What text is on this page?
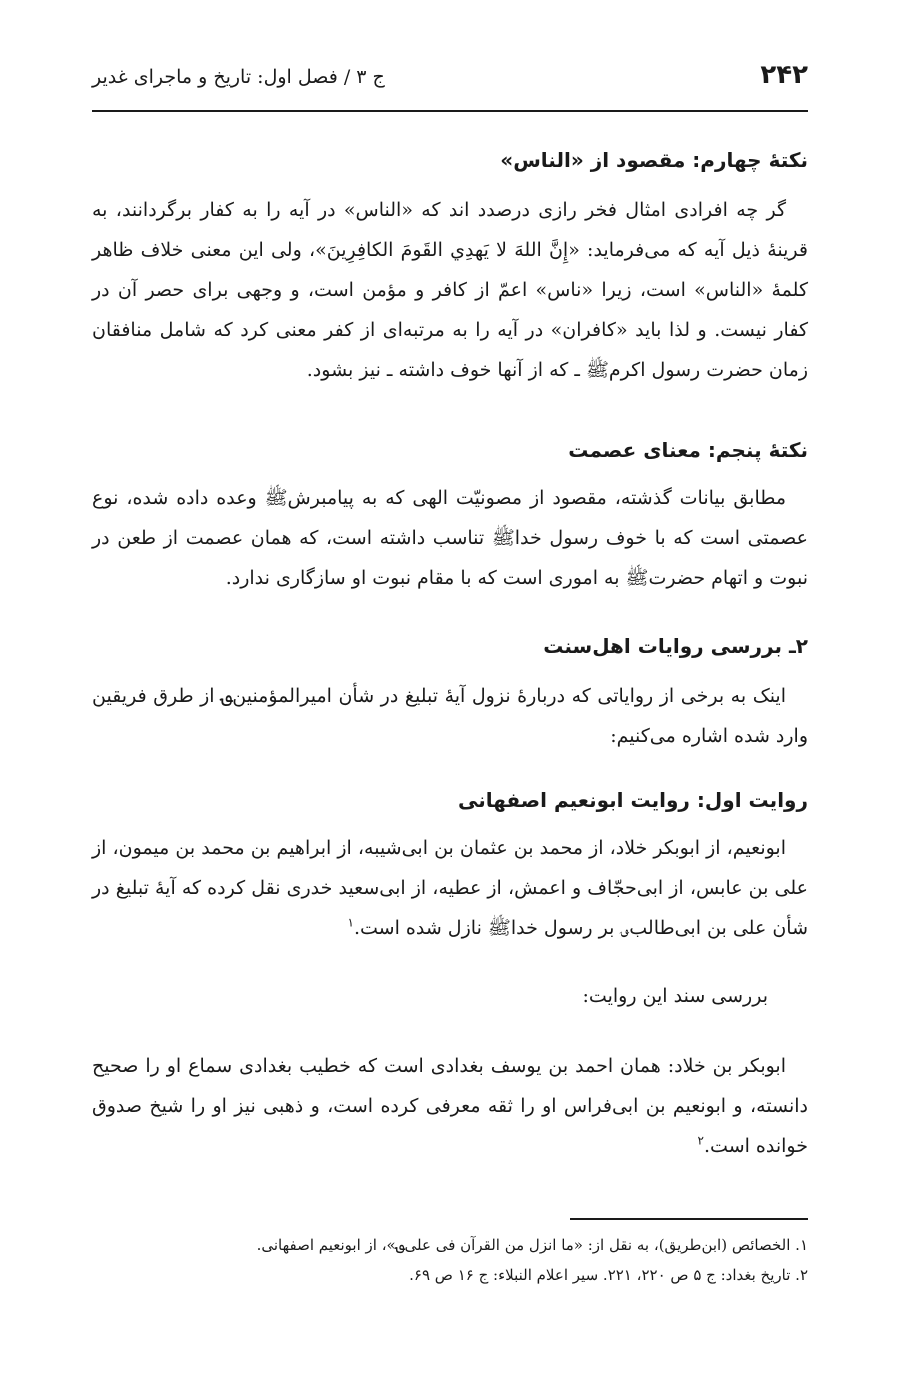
۲۴۲
ج ۳ / فصل اول: تاریخ و ماجرای غدیر
نکتهٔ چهارم: مقصود از «الناس»

گر چه افرادی امثال فخر رازی درصدد اند که «الناس» در آیه را به کفار برگردانند، به قرینهٔ ذیل آیه که می‌فرماید: «إِنَّ اللهَ لا يَهدِي القَومَ الكافِرِينَ»، ولی این معنی خلاف ظاهر کلمهٔ «الناس» است، زیرا «ناس» اعمّ از کافر و مؤمن است، و وجهی برای حصر آن در کفار نیست. و لذا باید «کافران» در آیه را به مرتبه‌ای از کفر معنی کرد که شامل منافقان زمان حضرت رسول اکرمﷺ ـ که از آنها خوف داشته ـ نیز بشود.

نکتهٔ پنجم: معنای عصمت

مطابق بیانات گذشته، مقصود از مصونیّت الهی که به پیامبرشﷺ وعده داده شده، نوع عصمتی است که با خوف رسول خداﷺ تناسب داشته است، که همان عصمت از طعن در نبوت و اتهام حضرتﷺ به اموری است که با مقام نبوت او سازگاری ندارد.

۲ـ بررسی روایات اهل‌سنت

اینک به برخی از روایاتی که دربارهٔ نزول آیهٔ تبلیغ در شأن امیرالمؤمنین؈ از طرق فریقین وارد شده اشاره می‌کنیم:

روایت اول: روایت ابونعیم اصفهانی

ابونعیم، از ابوبکر خلاد، از محمد بن عثمان بن ابی‌شیبه، از ابراهیم بن محمد بن میمون، از علی بن عابس، از ابی‌حجّاف و اعمش، از عطیه، از ابی‌سعید خدری نقل کرده که آیهٔ تبلیغ در شأن علی بن ابی‌طالب؈ بر رسول خداﷺ نازل شده است.$^۱$

بررسی سند این روایت:

ابوبکر بن خلاد: همان احمد بن یوسف بغدادی است که خطیب بغدادی سماع او را صحیح دانسته، و ابونعیم بن ابی‌فراس او را ثقه معرفی کرده است، و ذهبی نیز او را شیخ صدوق خوانده است.$^۲$

۱. الخصائص (ابن‌طریق)، به نقل از: «ما انزل من القرآن فی علی؈»، از ابونعیم اصفهانی.

۲. تاریخ بغداد: ج ۵ ص ۲۲۰، ۲۲۱. سیر اعلام النبلاء: ج ۱۶ ص ۶۹.
